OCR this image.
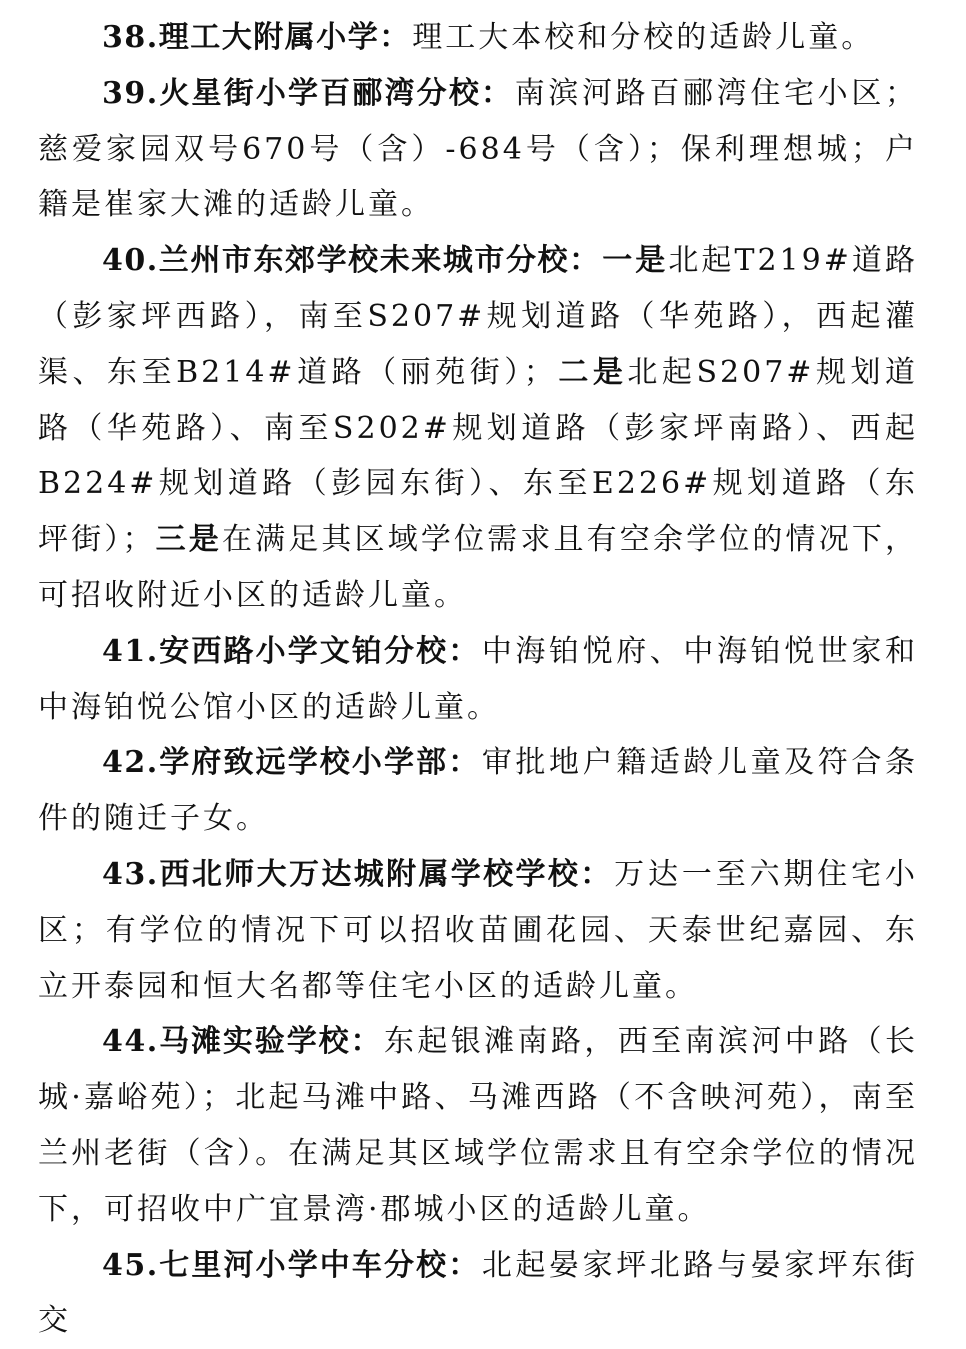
38.理工大附属小学：理工大本校和分校的适龄儿童。

39.火星街小学百郦湾分校：南滨河路百郦湾住宅小区；慈爱家园双号670号（含）-684号（含）；保利理想城；户籍是崔家大滩的适龄儿童。

40.兰州市东郊学校未来城市分校：一是北起T219#道路（彭家坪西路），南至S207#规划道路（华苑路），西起灌渠、东至B214#道路（丽苑街）；二是北起S207#规划道路（华苑路）、南至S202#规划道路（彭家坪南路）、西起B224#规划道路（彭园东街）、东至E226#规划道路（东坪街）；三是在满足其区域学位需求且有空余学位的情况下，可招收附近小区的适龄儿童。

41.安西路小学文铂分校：中海铂悦府、中海铂悦世家和中海铂悦公馆小区的适龄儿童。

42.学府致远学校小学部：审批地户籍适龄儿童及符合条件的随迁子女。

43.西北师大万达城附属学校学校：万达一至六期住宅小区；有学位的情况下可以招收苗圃花园、天泰世纪嘉园、东立开泰园和恒大名都等住宅小区的适龄儿童。

44.马滩实验学校：东起银滩南路，西至南滨河中路（长城·嘉峪苑）；北起马滩中路、马滩西路（不含映河苑），南至兰州老街（含）。在满足其区域学位需求且有空余学位的情况下，可招收中广宜景湾·郡城小区的适龄儿童。

45.七里河小学中车分校：北起晏家坪北路与晏家坪东街交
